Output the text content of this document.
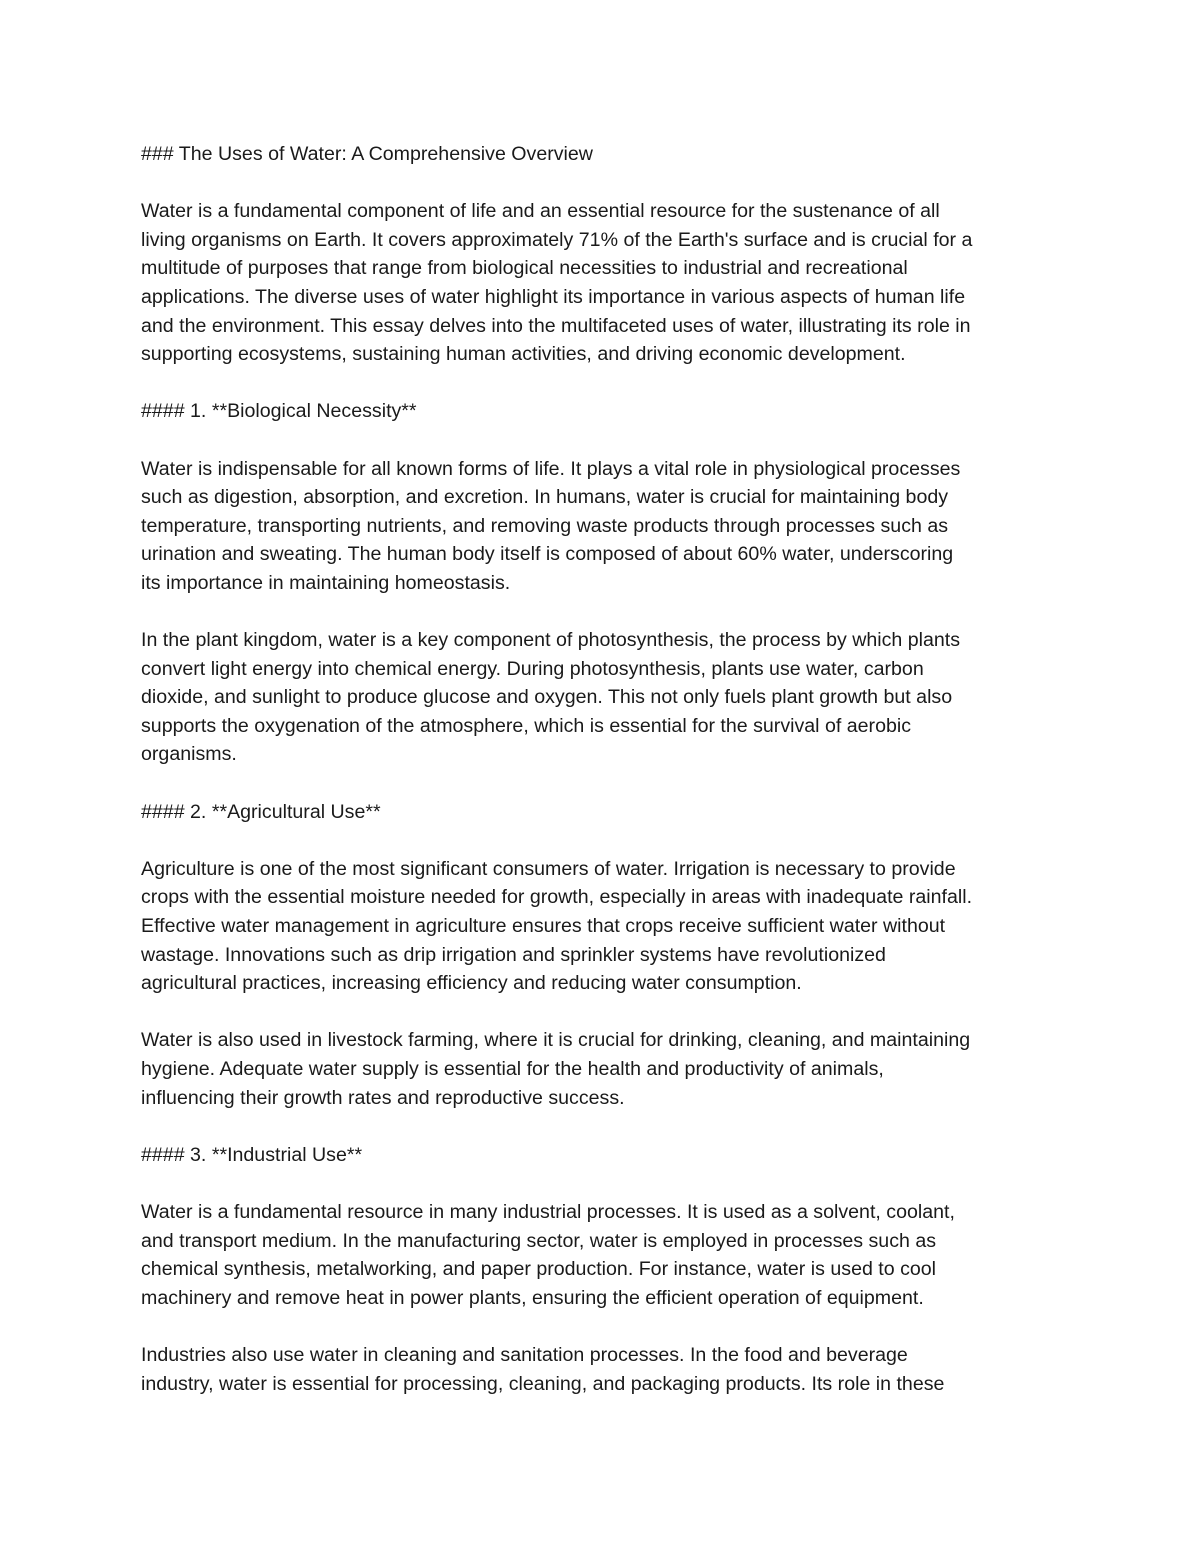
### The Uses of Water: A Comprehensive Overview

Water is a fundamental component of life and an essential resource for the sustenance of all
living organisms on Earth. It covers approximately 71% of the Earth's surface and is crucial for a
multitude of purposes that range from biological necessities to industrial and recreational
applications. The diverse uses of water highlight its importance in various aspects of human life
and the environment. This essay delves into the multifaceted uses of water, illustrating its role in
supporting ecosystems, sustaining human activities, and driving economic development.

#### 1. **Biological Necessity**

Water is indispensable for all known forms of life. It plays a vital role in physiological processes
such as digestion, absorption, and excretion. In humans, water is crucial for maintaining body
temperature, transporting nutrients, and removing waste products through processes such as
urination and sweating. The human body itself is composed of about 60% water, underscoring
its importance in maintaining homeostasis.

In the plant kingdom, water is a key component of photosynthesis, the process by which plants
convert light energy into chemical energy. During photosynthesis, plants use water, carbon
dioxide, and sunlight to produce glucose and oxygen. This not only fuels plant growth but also
supports the oxygenation of the atmosphere, which is essential for the survival of aerobic
organisms.

#### 2. **Agricultural Use**

Agriculture is one of the most significant consumers of water. Irrigation is necessary to provide
crops with the essential moisture needed for growth, especially in areas with inadequate rainfall.
Effective water management in agriculture ensures that crops receive sufficient water without
wastage. Innovations such as drip irrigation and sprinkler systems have revolutionized
agricultural practices, increasing efficiency and reducing water consumption.

Water is also used in livestock farming, where it is crucial for drinking, cleaning, and maintaining
hygiene. Adequate water supply is essential for the health and productivity of animals,
influencing their growth rates and reproductive success.

#### 3. **Industrial Use**

Water is a fundamental resource in many industrial processes. It is used as a solvent, coolant,
and transport medium. In the manufacturing sector, water is employed in processes such as
chemical synthesis, metalworking, and paper production. For instance, water is used to cool
machinery and remove heat in power plants, ensuring the efficient operation of equipment.

Industries also use water in cleaning and sanitation processes. In the food and beverage
industry, water is essential for processing, cleaning, and packaging products. Its role in these
